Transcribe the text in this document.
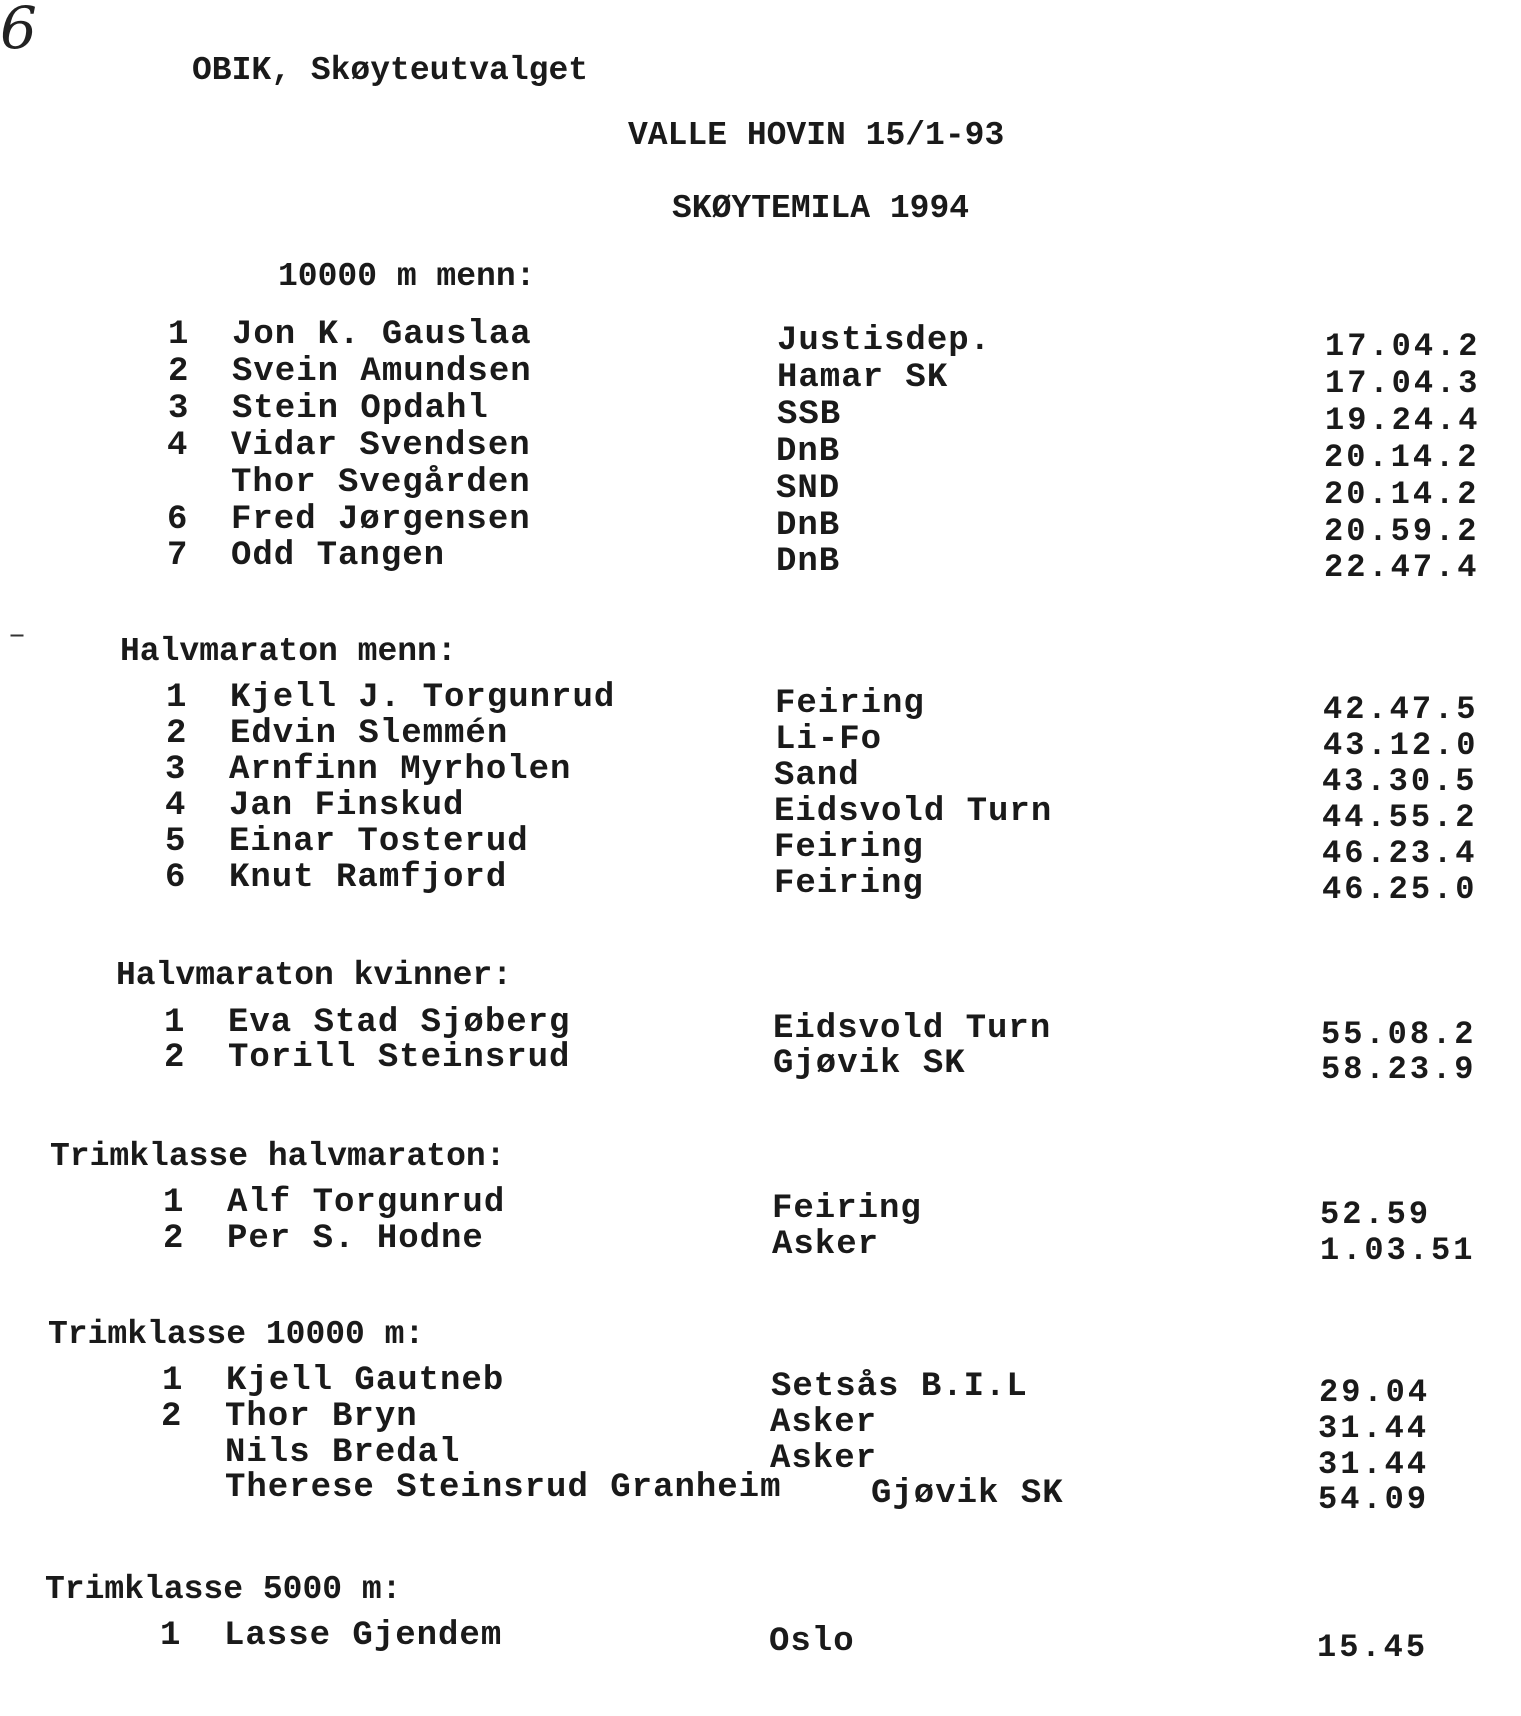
6
–
OBIK, Skøyteutvalget
VALLE HOVIN 15/1-93
SKØYTEMILA 1994
10000 m menn:
1 Jon K. Gauslaa	Justisdep.	17.04.2
2 Svein Amundsen	Hamar SK	17.04.3
3 Stein Opdahl	SSB	19.24.4
4 Vidar Svendsen	DnB	20.14.2
Thor Svegården	SND	20.14.2
6 Fred Jørgensen	DnB	20.59.2
7 Odd Tangen	DnB	22.47.4
Halvmaraton menn:
1 Kjell J. Torgunrud	Feiring	42.47.5
2 Edvin Slemmén	Li-Fo	43.12.0
3 Arnfinn Myrholen	Sand	43.30.5
4 Jan Finskud	Eidsvold Turn	44.55.2
5 Einar Tosterud	Feiring	46.23.4
6 Knut Ramfjord	Feiring	46.25.0
Halvmaraton kvinner:
1 Eva Stad Sjøberg	Eidsvold Turn	55.08.2
2 Torill Steinsrud	Gjøvik SK	58.23.9
Trimklasse halvmaraton:
1 Alf Torgunrud	Feiring	52.59
2 Per S. Hodne	Asker	1.03.51
Trimklasse 10000 m:
1 Kjell Gautneb	Setsås B.I.L	29.04
2 Thor Bryn	Asker	31.44
Nils Bredal	Asker	31.44
Therese Steinsrud Granheim	Gjøvik SK	54.09
Trimklasse 5000 m:
1 Lasse Gjendem	Oslo	15.45
